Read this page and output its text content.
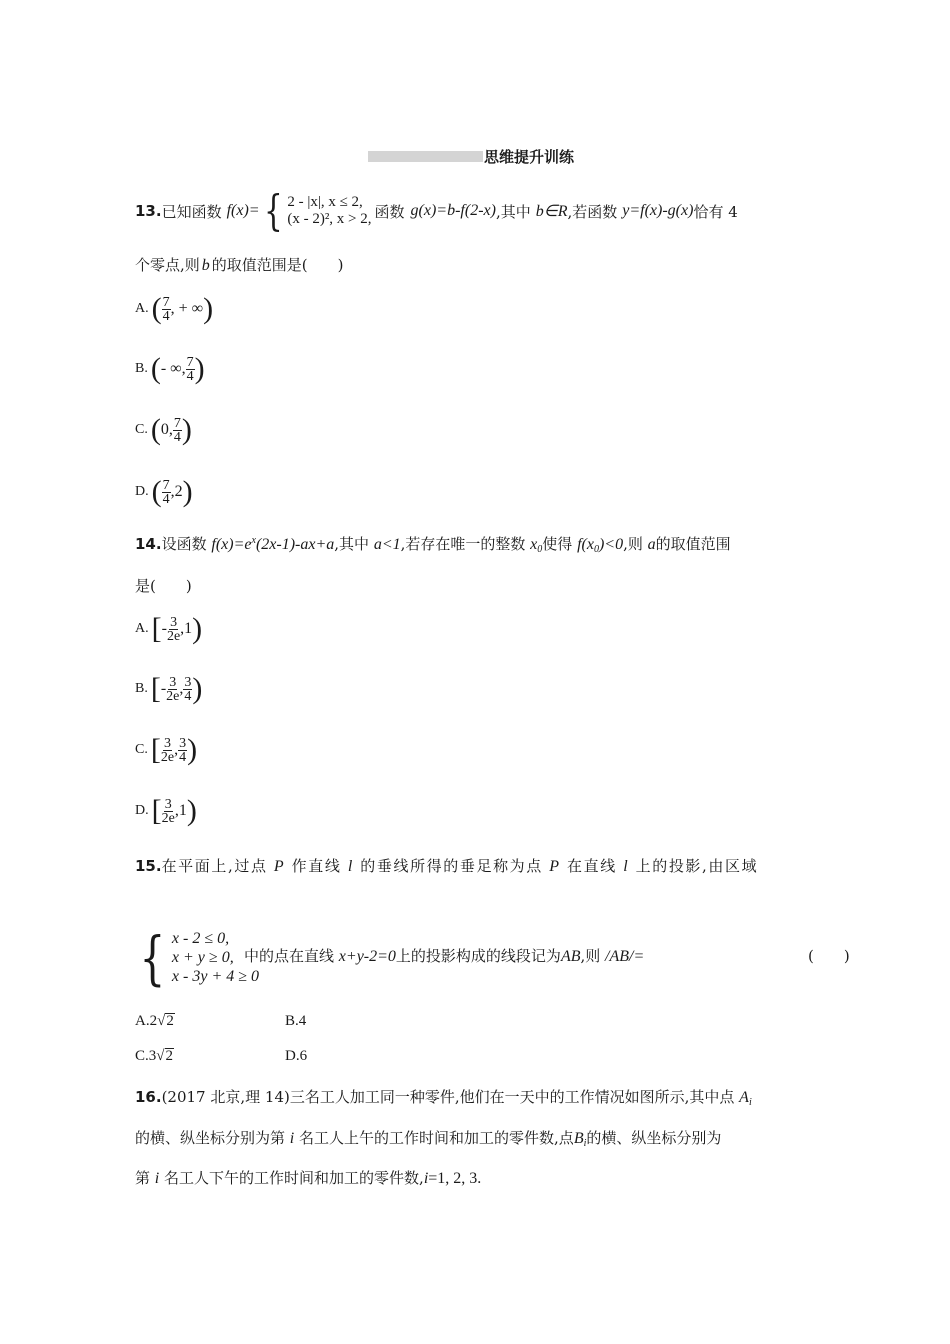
思维提升训练
13. 已知函数 f(x)= { 2 - |x|, x ≤ 2,
(x - 2)², x > 2, 函数 g(x)=b-f(2-x) ,其中 b∈R ,若函数 y=f(x)-g(x) 恰有 4
个零点,则 b 的取值范围是(　　)
A. ( $\frac{7}{4}$ , + ∞ )
B. ( - ∞, $\frac{7}{4}$ )
C. ( 0, $\frac{7}{4}$ )
D. ( $\frac{7}{4} ,2$ )
14.设函数 $f(x)=e^x(2x-1)-ax+a$,其中 a<1,若存在唯一的整数 $x_0$使得 $f(x_0)<0$,则 a的取值范围
是(　　)
A. [ - $\frac{3}{2e} ,1$ )
B. [ - $\frac{3}{2e}$ , $\frac{3}{4}$ )
C. [ $\frac{3}{2e}$ , $\frac{3}{4}$ )
D. [ $\frac{3}{2e} ,1$ )
15.在平面上,过点 P 作直线 l 的垂线所得的垂足称为点 P 在直线 l 上的投影,由区域
{ x - 2 ≤ 0,
x + y ≥ 0,
x - 3y + 4 ≥ 0
中的点在直线 x+y-2=0上的投影构成的线段记为AB,则 /AB/=	(　　)
A.2√2	B.4
C.3√2	D.6
16.(2017 北京,理 14)三名工人加工同一种零件,他们在一天中的工作情况如图所示,其中点 $A_i$
的横、纵坐标分别为第 i 名工人上午的工作时间和加工的零件数,点$B_i$的横、纵坐标分别为
第 i 名工人下午的工作时间和加工的零件数,i=1, 2, 3.
